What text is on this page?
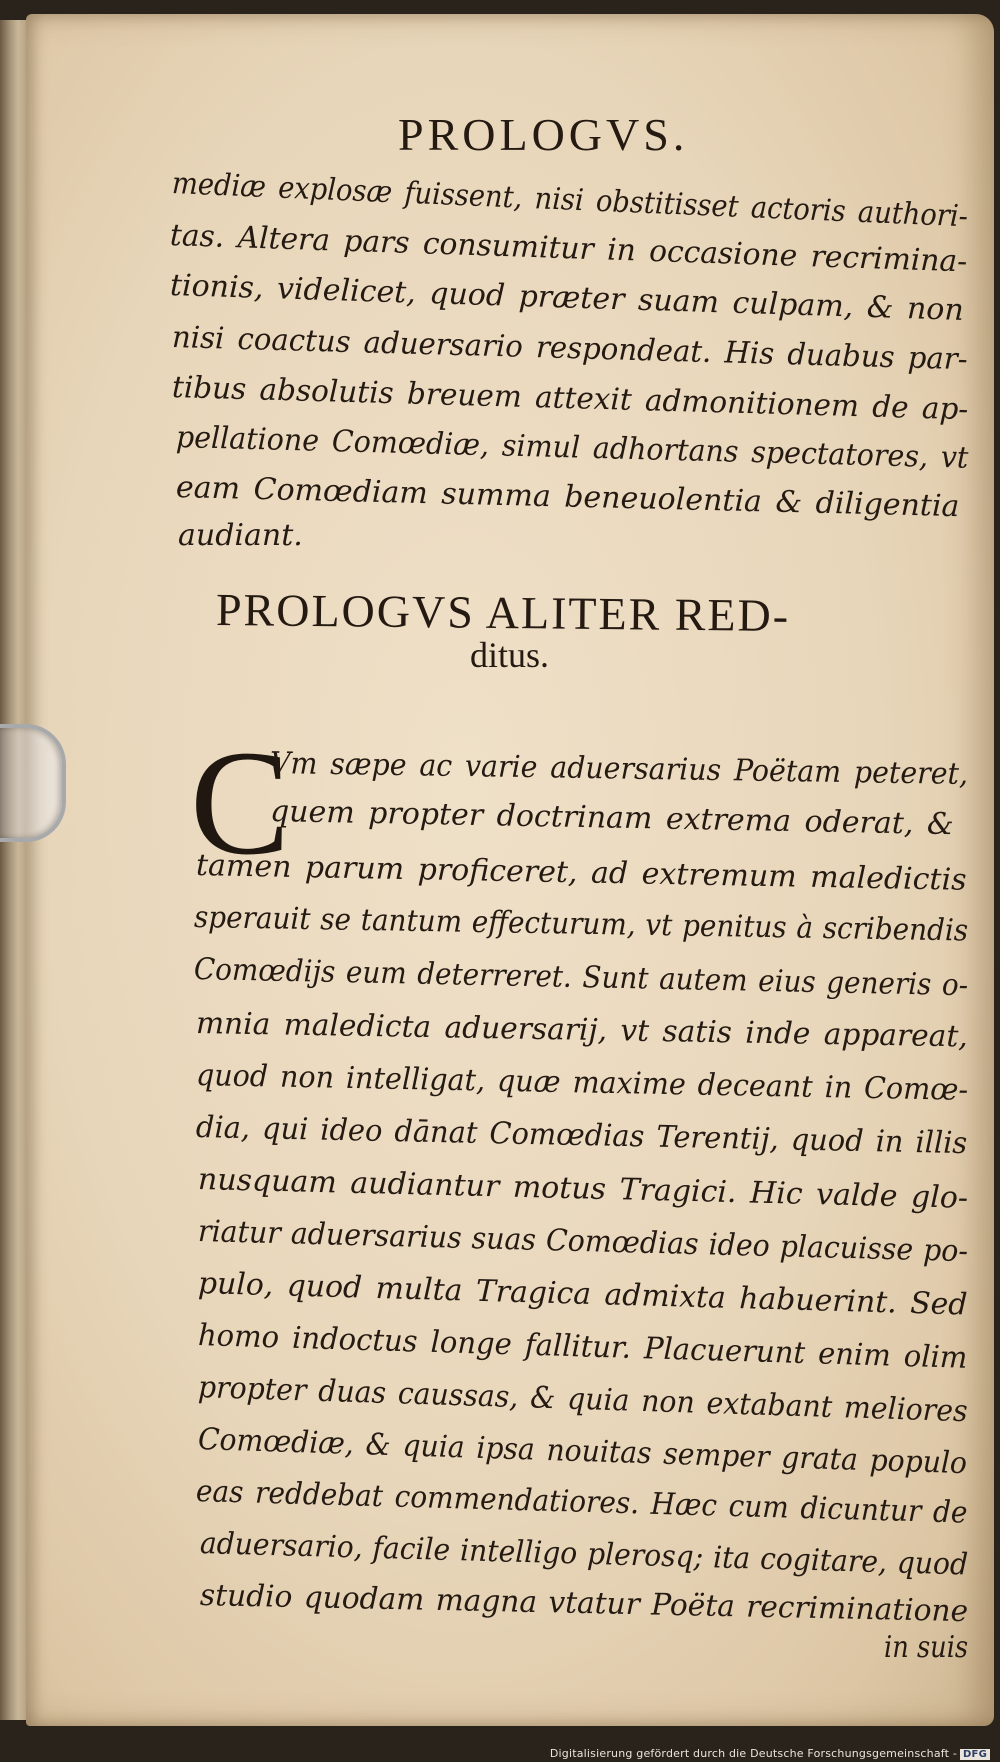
PROLOGVS.
mediæ explosæ fuissent, nisi obstitisset actoris authori-
tas. Altera pars consumitur in occasione recrimina-
tionis, videlicet, quod præter suam culpam, & non
nisi coactus aduersario respondeat. His duabus par-
tibus absolutis breuem attexit admonitionem de ap-
pellatione Comœdiæ, simul adhortans spectatores, vt
eam Comœdiam summa beneuolentia & diligentia
audiant.
PROLOGVS ALITER RED-
ditus.
C
Vm sæpe ac varie aduersarius Poëtam peteret,
quem propter doctrinam extrema oderat, &
tamen parum proficeret, ad extremum maledictis
sperauit se tantum effecturum, vt penitus à scribendis
Comœdijs eum deterreret. Sunt autem eius generis o-
mnia maledicta aduersarij, vt satis inde appareat,
quod non intelligat, quæ maxime deceant in Comœ-
dia, qui ideo dānat Comœdias Terentij, quod in illis
nusquam audiantur motus Tragici. Hic valde glo-
riatur aduersarius suas Comœdias ideo placuisse po-
pulo, quod multa Tragica admixta habuerint. Sed
homo indoctus longe fallitur. Placuerunt enim olim
propter duas caussas, & quia non extabant meliores
Comœdiæ, & quia ipsa nouitas semper grata populo
eas reddebat commendatiores. Hæc cum dicuntur de
aduersario, facile intelligo plerosq; ita cogitare, quod
studio quodam magna vtatur Poëta recriminatione
in suis
Digitalisierung gefördert durch die Deutsche Forschungsgemeinschaft - DFG
